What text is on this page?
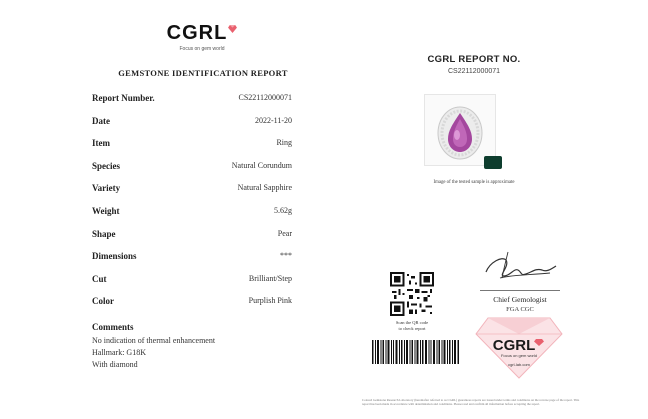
CGRL
Focus on gem world
GEMSTONE IDENTIFICATION REPORT
Report Number.	CS22112000071
Date	2022-11-20
Item	Ring
Species	Natural Corundum
Variety	Natural Sapphire
Weight	5.62g
Shape	Pear
Dimensions	***
Cut	Brilliant/Step
Color	Purplish Pink
Comments
No indication of thermal enhancement
Hallmark: G18K
With diamond
CGRL REPORT NO.
CS22112000071
Image of the tested sample is approximate
Chief Gemologist
FGA CGC
Scan the QR code
to check report
CGRL
Focus on gem world
cgrl-lab.com
Colored Gemstone Research Laboratory (hereinafter referred to as CGRL) guarantees reports are issued under terms and conditions on the reverse page of the report. This report has been made in accordance with determination and conditions. Please read and confirm all information before accepting the report.
